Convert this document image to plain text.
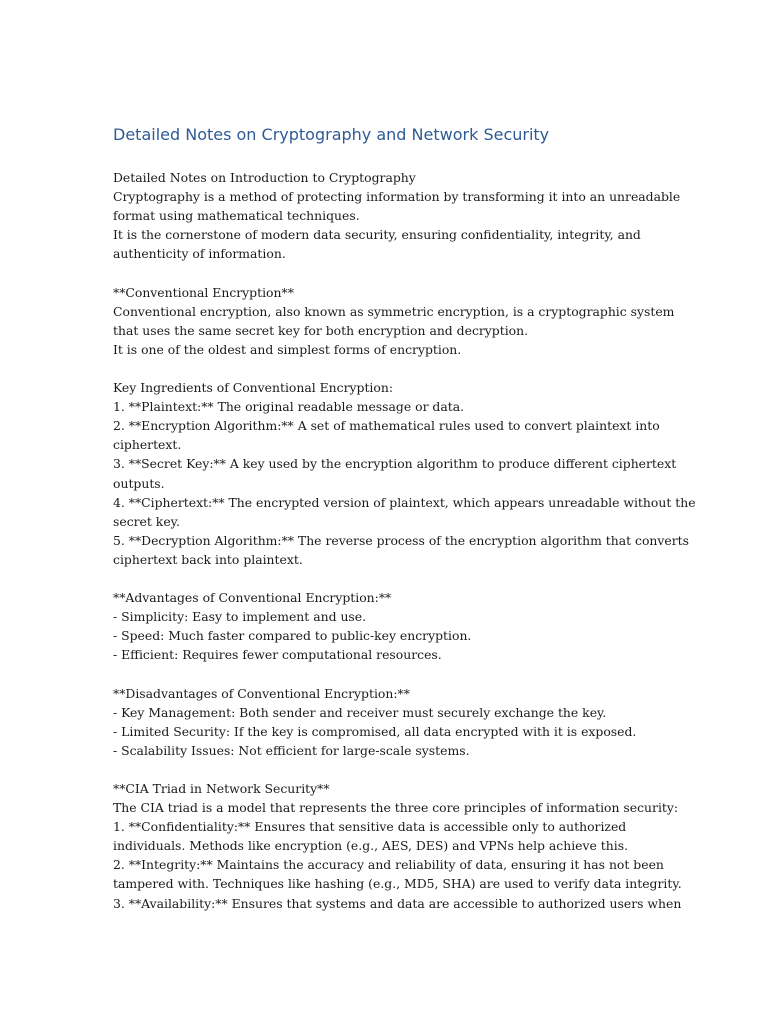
Detailed Notes on Cryptography and Network Security
Detailed Notes on Introduction to Cryptography
Cryptography is a method of protecting information by transforming it into an unreadable
format using mathematical techniques.
It is the cornerstone of modern data security, ensuring confidentiality, integrity, and
authenticity of information.
**Conventional Encryption**
Conventional encryption, also known as symmetric encryption, is a cryptographic system
that uses the same secret key for both encryption and decryption.
It is one of the oldest and simplest forms of encryption.
Key Ingredients of Conventional Encryption:
1. **Plaintext:** The original readable message or data.
2. **Encryption Algorithm:** A set of mathematical rules used to convert plaintext into
ciphertext.
3. **Secret Key:** A key used by the encryption algorithm to produce different ciphertext
outputs.
4. **Ciphertext:** The encrypted version of plaintext, which appears unreadable without the
secret key.
5. **Decryption Algorithm:** The reverse process of the encryption algorithm that converts
ciphertext back into plaintext.
**Advantages of Conventional Encryption:**
- Simplicity: Easy to implement and use.
- Speed: Much faster compared to public-key encryption.
- Efficient: Requires fewer computational resources.
**Disadvantages of Conventional Encryption:**
- Key Management: Both sender and receiver must securely exchange the key.
- Limited Security: If the key is compromised, all data encrypted with it is exposed.
- Scalability Issues: Not efficient for large-scale systems.
**CIA Triad in Network Security**
The CIA triad is a model that represents the three core principles of information security:
1. **Confidentiality:** Ensures that sensitive data is accessible only to authorized
individuals. Methods like encryption (e.g., AES, DES) and VPNs help achieve this.
2. **Integrity:** Maintains the accuracy and reliability of data, ensuring it has not been
tampered with. Techniques like hashing (e.g., MD5, SHA) are used to verify data integrity.
3. **Availability:** Ensures that systems and data are accessible to authorized users when
